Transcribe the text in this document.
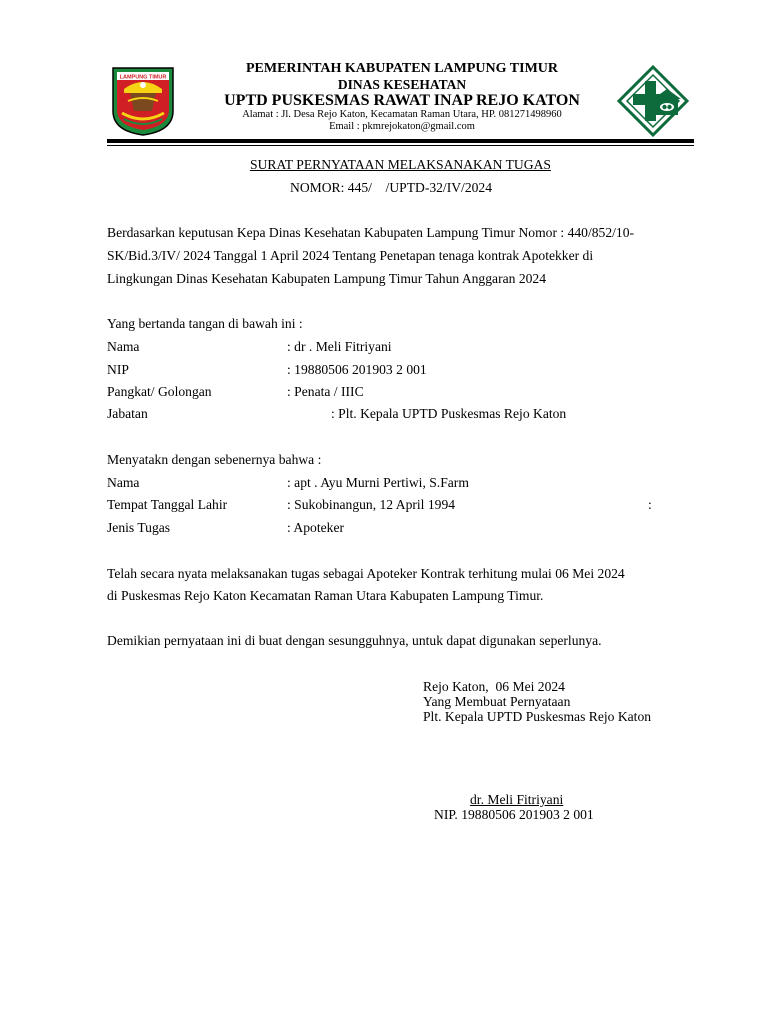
LAMPUNG TIMUR
PEMERINTAH KABUPATEN LAMPUNG TIMUR
DINAS KESEHATAN
UPTD PUSKESMAS RAWAT INAP REJO KATON
Alamat : Jl. Desa Rejo Katon, Kecamatan Raman Utara, HP. 081271498960
Email : pkmrejokaton@gmail.com
SURAT PERNYATAAN MELAKSANAKAN TUGAS
NOMOR: 445/    /UPTD-32/IV/2024
Berdasarkan keputusan Kepa Dinas Kesehatan Kabupaten Lampung Timur Nomor : 440/852/10-
SK/Bid.3/IV/ 2024 Tanggal 1 April 2024 Tentang Penetapan tenaga kontrak Apotekker di
Lingkungan Dinas Kesehatan Kabupaten Lampung Timur Tahun Anggaran 2024
Yang bertanda tangan di bawah ini :
Nama	: dr . Meli Fitriyani
NIP	: 19880506 201903 2 001
Pangkat/ Golongan	: Penata / IIIC
Jabatan	: Plt. Kepala UPTD Puskesmas Rejo Katon
Menyatakn dengan sebenernya bahwa :
Nama	: apt . Ayu Murni Pertiwi, S.Farm
Tempat Tanggal Lahir	: Sukobinangun, 12 April 1994	:
Jenis Tugas	: Apoteker
Telah secara nyata melaksanakan tugas sebagai Apoteker Kontrak terhitung mulai 06 Mei 2024
di Puskesmas Rejo Katon Kecamatan Raman Utara Kabupaten Lampung Timur.
Demikian pernyataan ini di buat dengan sesungguhnya, untuk dapat digunakan seperlunya.
Rejo Katon,  06 Mei 2024
Yang Membuat Pernyataan
Plt. Kepala UPTD Puskesmas Rejo Katon
dr. Meli Fitriyani
NIP. 19880506 201903 2 001
